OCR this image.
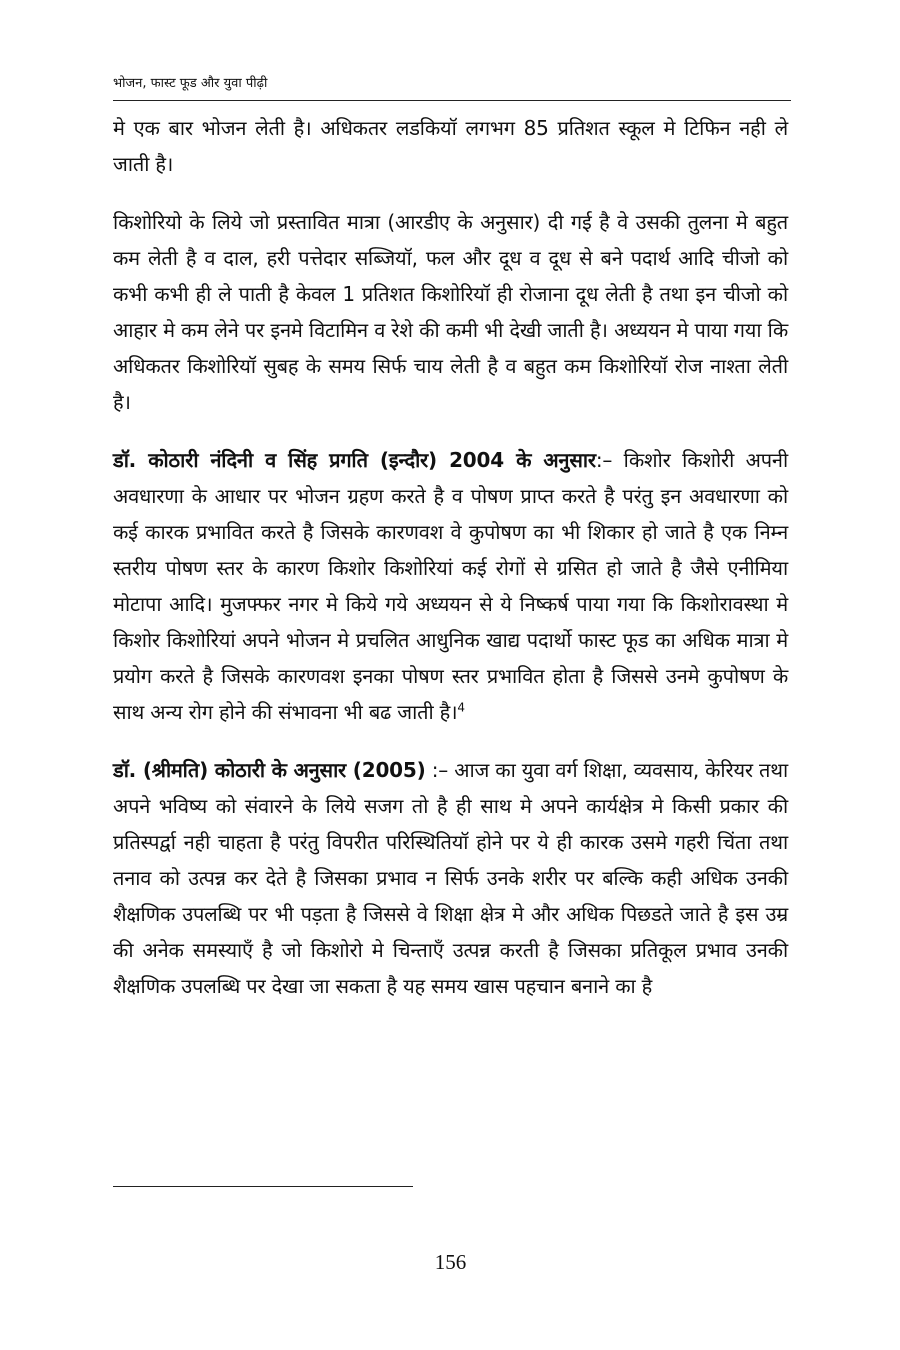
भोजन, फास्ट फूड और युवा पीढ़ी

मे एक बार भोजन लेती है। अधिकतर लडकियॉ लगभग 85 प्रतिशत स्कूल मे टिफिन नही ले जाती है।

किशोरियो के लिये जो प्रस्तावित मात्रा (आरडीए के अनुसार) दी गई है वे उसकी तुलना मे बहुत कम लेती है व दाल, हरी पत्तेदार सब्जियॉ, फल और दूध व दूध से बने पदार्थ आदि चीजो को कभी कभी ही ले पाती है केवल 1 प्रतिशत किशोरियॉ ही रोजाना दूध लेती है तथा इन चीजो को आहार मे कम लेने पर इनमे विटामिन व रेशे की कमी भी देखी जाती है। अध्ययन मे पाया गया कि अधिकतर किशोरियॉ सुबह के समय सिर्फ चाय लेती है व बहुत कम किशोरियॉ रोज नाश्ता लेती है।

डॉ. कोठारी नंदिनी व सिंह प्रगति (इन्दौर) 2004 के अनुसार:– किशोर किशोरी अपनी अवधारणा के आधार पर भोजन ग्रहण करते है व पोषण प्राप्त करते है परंतु इन अवधारणा को कई कारक प्रभावित करते है जिसके कारणवश वे कुपोषण का भी शिकार हो जाते है एक निम्न स्तरीय पोषण स्तर के कारण किशोर किशोरियां कई रोगों से ग्रसित हो जाते है जैसे एनीमिया मोटापा आदि। मुजफ्फर नगर मे किये गये अध्ययन से ये निष्कर्ष पाया गया कि किशोरावस्था मे किशोर किशोरियां अपने भोजन मे प्रचलित आधुनिक खाद्य पदार्थो फास्ट फूड का अधिक मात्रा मे प्रयोग करते है जिसके कारणवश इनका पोषण स्तर प्रभावित होता है जिससे उनमे कुपोषण के साथ अन्य रोग होने की संभावना भी बढ जाती है।$^4$

डॉ. (श्रीमति) कोठारी के अनुसार (2005) :– आज का युवा वर्ग शिक्षा, व्यवसाय, केरियर तथा अपने भविष्य को संवारने के लिये सजग तो है ही साथ मे अपने कार्यक्षेत्र मे किसी प्रकार की प्रतिस्पर्द्वा नही चाहता है परंतु विपरीत परिस्थितियॉ होने पर ये ही कारक उसमे गहरी चिंता तथा तनाव को उत्पन्न कर देते है जिसका प्रभाव न सिर्फ उनके शरीर पर बल्कि कही अधिक उनकी शैक्षणिक उपलब्धि पर भी पड़ता है जिससे वे शिक्षा क्षेत्र मे और अधिक पिछडते जाते है इस उम्र की अनेक समस्याएँ है जो किशोरो मे चिन्ताएँ उत्पन्न करती है जिसका प्रतिकूल प्रभाव उनकी शैक्षणिक उपलब्धि पर देखा जा सकता है यह समय खास पहचान बनाने का है

156
